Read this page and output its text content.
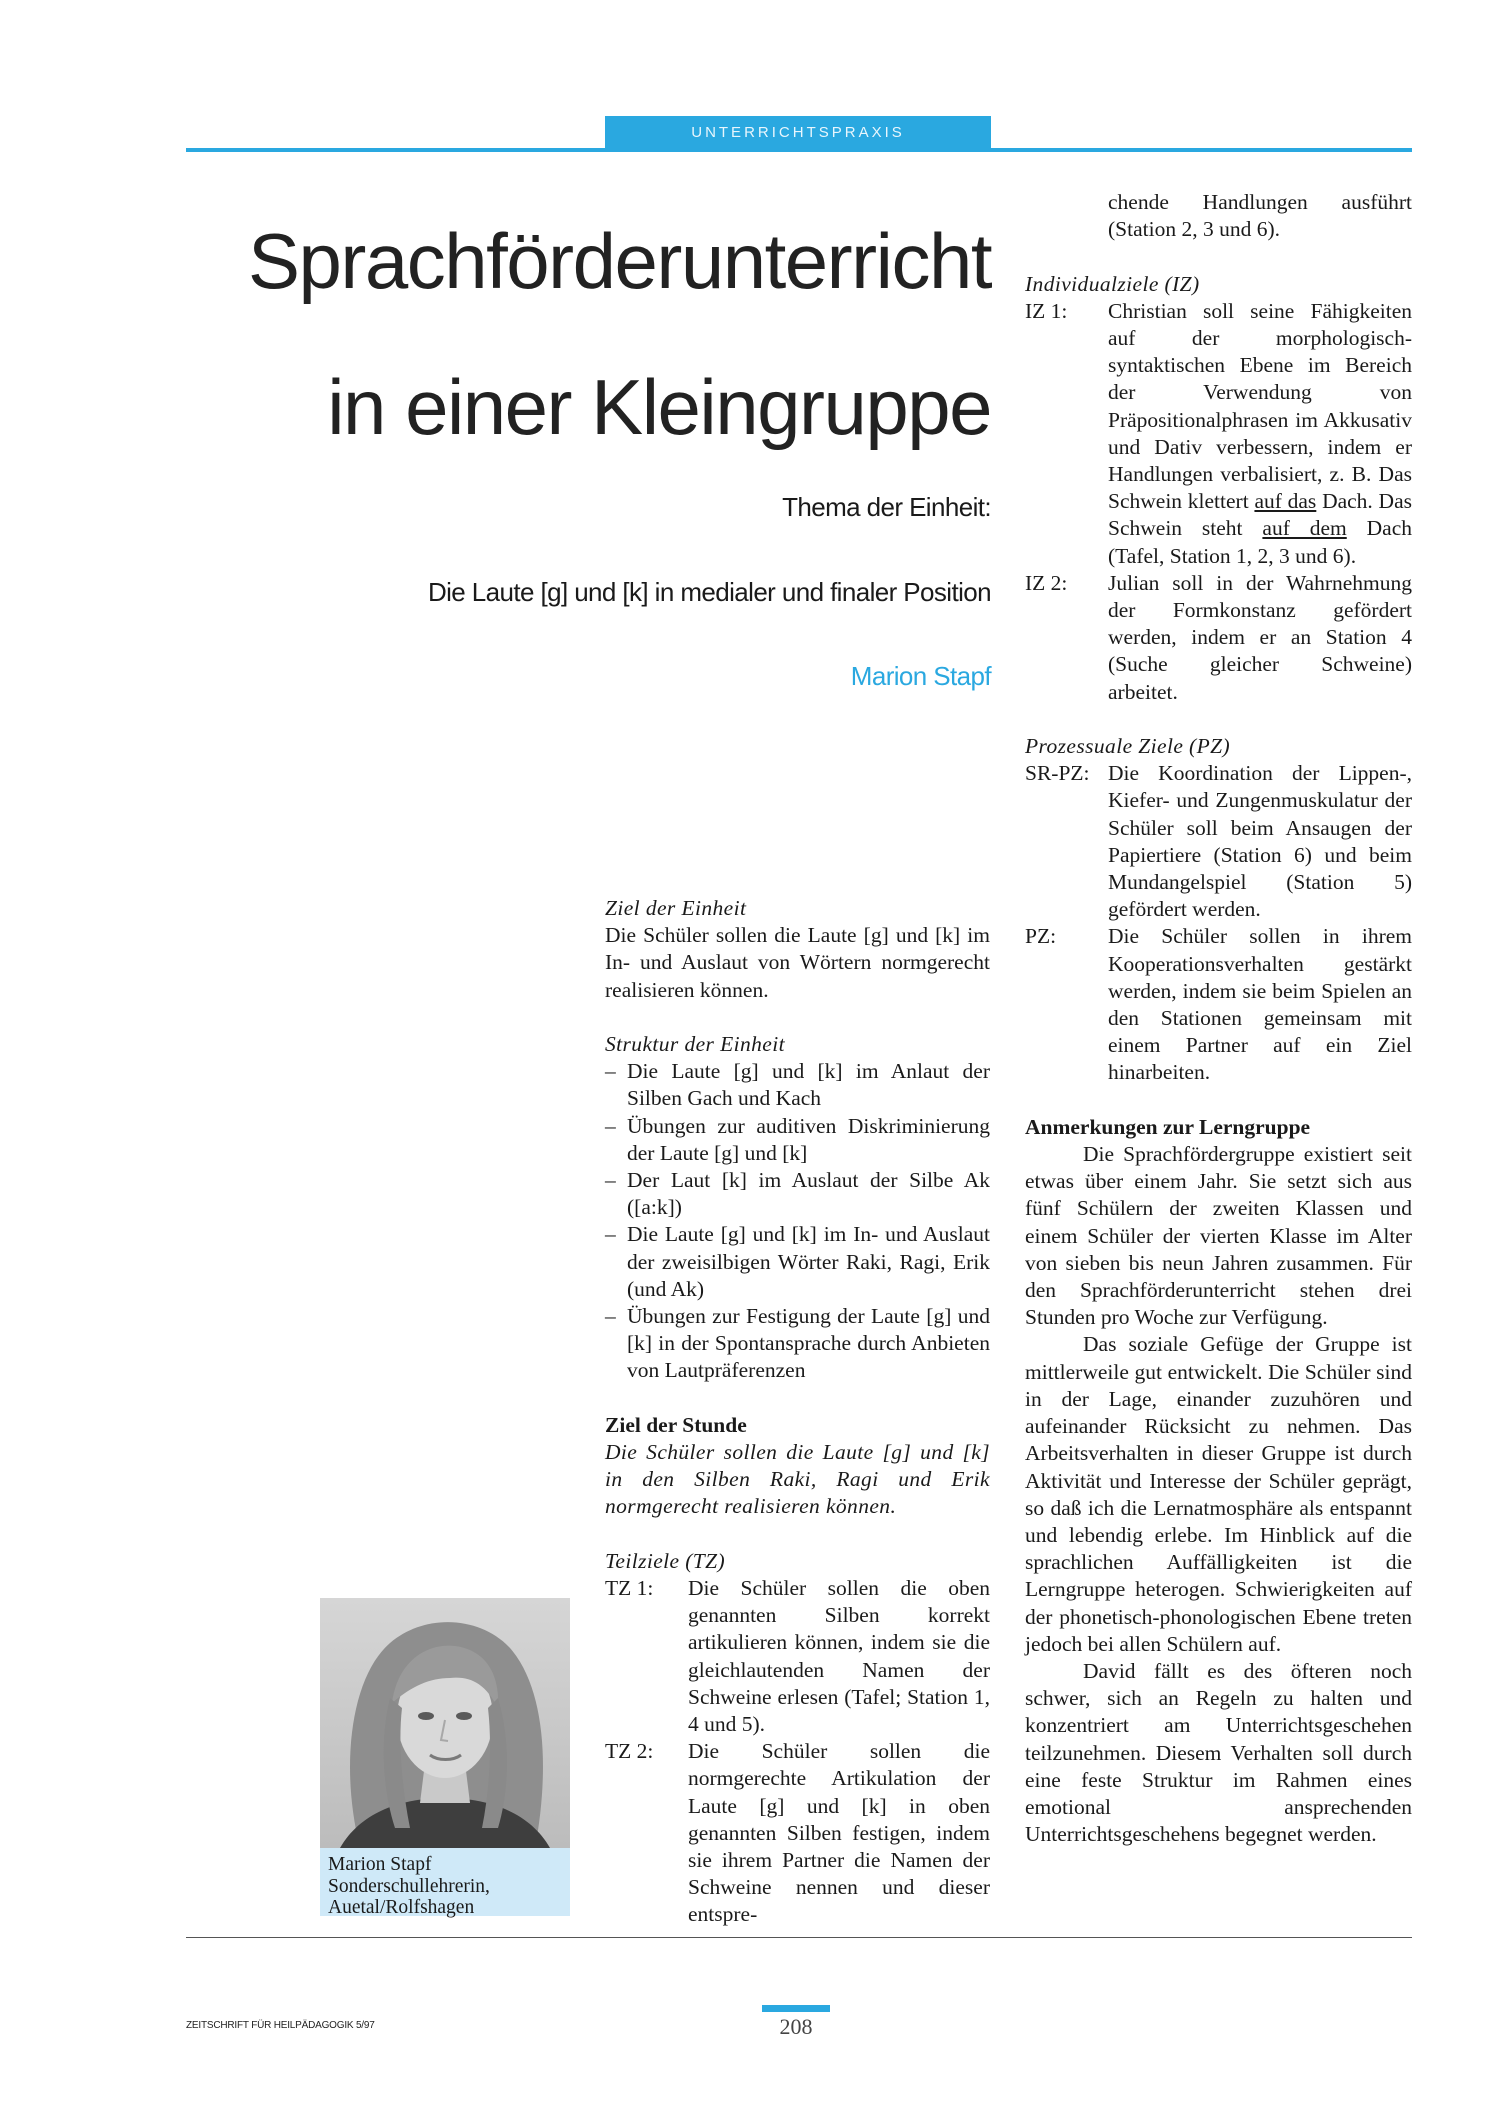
UNTERRICHTSPRAXIS
Sprachförderunterricht
in einer Kleingruppe
Thema der Einheit:
Die Laute [g] und [k] in medialer und finaler Position
Marion Stapf

Ziel der Einheit

Die Schüler sollen die Laute [g] und [k] im In- und Auslaut von Wörtern normgerecht realisieren können.

Struktur der Einheit

– Die Laute [g] und [k] im Anlaut der Silben Gach und Kach

– Übungen zur auditiven Diskriminierung der Laute [g] und [k]

– Der Laut [k] im Auslaut der Silbe Ak ([a:k])

– Die Laute [g] und [k] im In- und Auslaut der zweisilbigen Wörter Raki, Ragi, Erik (und Ak)

– Übungen zur Festigung der Laute [g] und [k] in der Spontansprache durch Anbieten von Lautpräferenzen

Ziel der Stunde

Die Schüler sollen die Laute [g] und [k] in den Silben Raki, Ragi und Erik normgerecht realisieren können.

Teilziele (TZ)

TZ 1:	Die Schüler sollen die oben genannten Silben korrekt artikulieren können, indem sie die gleichlautenden Namen der Schweine erlesen (Tafel; Station 1, 4 und 5).
TZ 2:	Die Schüler sollen die normgerechte Artikulation der Laute [g] und [k] in oben genannten Silben festigen, indem sie ihrem Partner die Namen der Schweine nennen und dieser entspre-
chende Handlungen ausführt (Station 2, 3 und 6).

Individualziele (IZ)

IZ 1:	Christian soll seine Fähigkeiten auf der morphologisch-syntaktischen Ebene im Bereich der Verwendung von Präpositionalphrasen im Akkusativ und Dativ verbessern, indem er Handlungen verbalisiert, z. B. Das Schwein klettert auf das Dach. Das Schwein steht auf dem Dach (Tafel, Station 1, 2, 3 und 6).
IZ 2:	Julian soll in der Wahrnehmung der Formkonstanz gefördert werden, indem er an Station 4 (Suche gleicher Schweine) arbeitet.

Prozessuale Ziele (PZ)

SR-PZ: Die Koordination der Lippen-, Kiefer- und Zungenmuskulatur der Schüler soll beim Ansaugen der Papiertiere (Station 6) und beim Mundangelspiel (Station 5) gefördert werden.
PZ:	Die Schüler sollen in ihrem Kooperationsverhalten gestärkt werden, indem sie beim Spielen an den Stationen gemeinsam mit einem Partner auf ein Ziel hinarbeiten.

Anmerkungen zur Lerngruppe

Die Sprachfördergruppe existiert seit etwas über einem Jahr. Sie setzt sich aus fünf Schülern der zweiten Klassen und einem Schüler der vierten Klasse im Alter von sieben bis neun Jahren zusammen. Für den Sprachförderunterricht stehen drei Stunden pro Woche zur Verfügung.

Das soziale Gefüge der Gruppe ist mittlerweile gut entwickelt. Die Schüler sind in der Lage, einander zuzuhören und aufeinander Rücksicht zu nehmen. Das Arbeitsverhalten in dieser Gruppe ist durch Aktivität und Interesse der Schüler geprägt, so daß ich die Lernatmosphäre als entspannt und lebendig erlebe. Im Hinblick auf die sprachlichen Auffälligkeiten ist die Lerngruppe heterogen. Schwierigkeiten auf der phonetisch-phonologischen Ebene treten jedoch bei allen Schülern auf.

David fällt es des öfteren noch schwer, sich an Regeln zu halten und konzentriert am Unterrichtsgeschehen teilzunehmen. Diesem Verhalten soll durch eine feste Struktur im Rahmen eines emotional ansprechenden Unterrichtsgeschehens begegnet werden.

Marion Stapf
Sonderschullehrerin,
Auetal/Rolfshagen
ZEITSCHRIFT FÜR HEILPÄDAGOGIK 5/97	208
